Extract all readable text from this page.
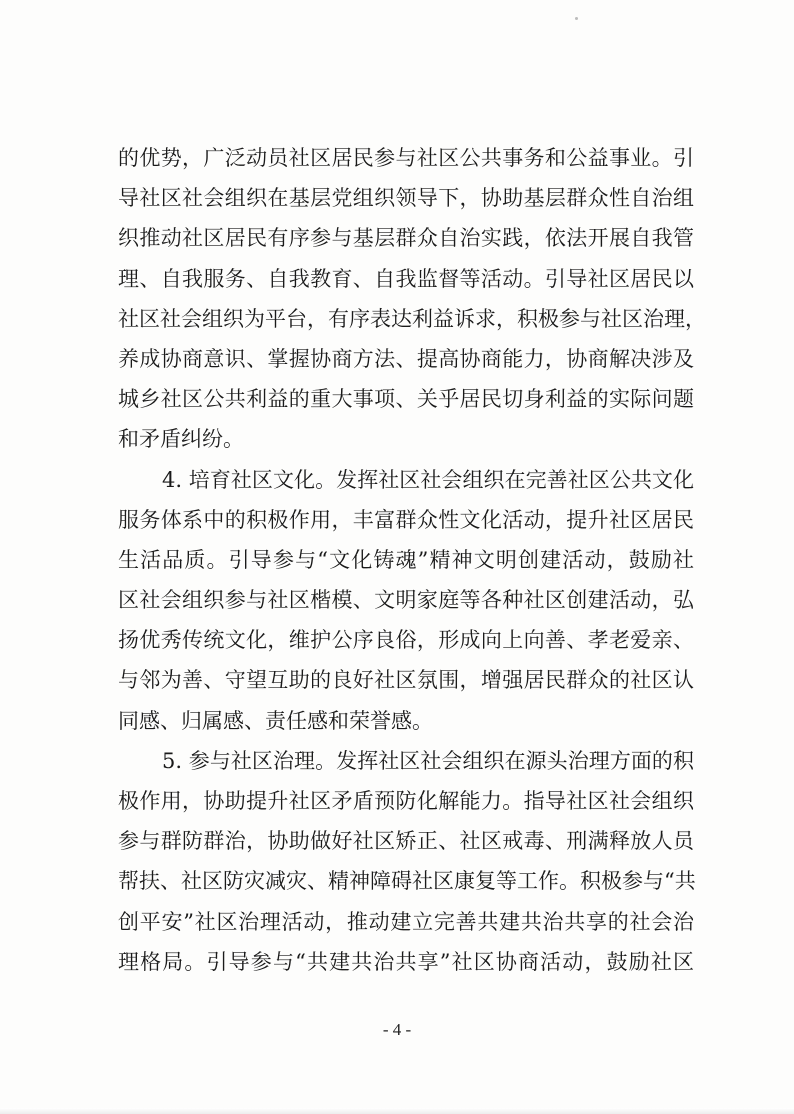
的优势，广泛动员社区居民参与社区公共事务和公益事业。引
导社区社会组织在基层党组织领导下，协助基层群众性自治组
织推动社区居民有序参与基层群众自治实践，依法开展自我管
理、自我服务、自我教育、自我监督等活动。引导社区居民以
社区社会组织为平台，有序表达利益诉求，积极参与社区治理，
养成协商意识、掌握协商方法、提高协商能力，协商解决涉及
城乡社区公共利益的重大事项、关乎居民切身利益的实际问题
和矛盾纠纷。
4. 培育社区文化。发挥社区社会组织在完善社区公共文化
服务体系中的积极作用，丰富群众性文化活动，提升社区居民
生活品质。引导参与“文化铸魂”精神文明创建活动，鼓励社
区社会组织参与社区楷模、文明家庭等各种社区创建活动，弘
扬优秀传统文化，维护公序良俗，形成向上向善、孝老爱亲、
与邻为善、守望互助的良好社区氛围，增强居民群众的社区认
同感、归属感、责任感和荣誉感。
5. 参与社区治理。发挥社区社会组织在源头治理方面的积
极作用，协助提升社区矛盾预防化解能力。指导社区社会组织
参与群防群治，协助做好社区矫正、社区戒毒、刑满释放人员
帮扶、社区防灾减灾、精神障碍社区康复等工作。积极参与“共
创平安”社区治理活动，推动建立完善共建共治共享的社会治
理格局。引导参与“共建共治共享”社区协商活动，鼓励社区
- 4 -
